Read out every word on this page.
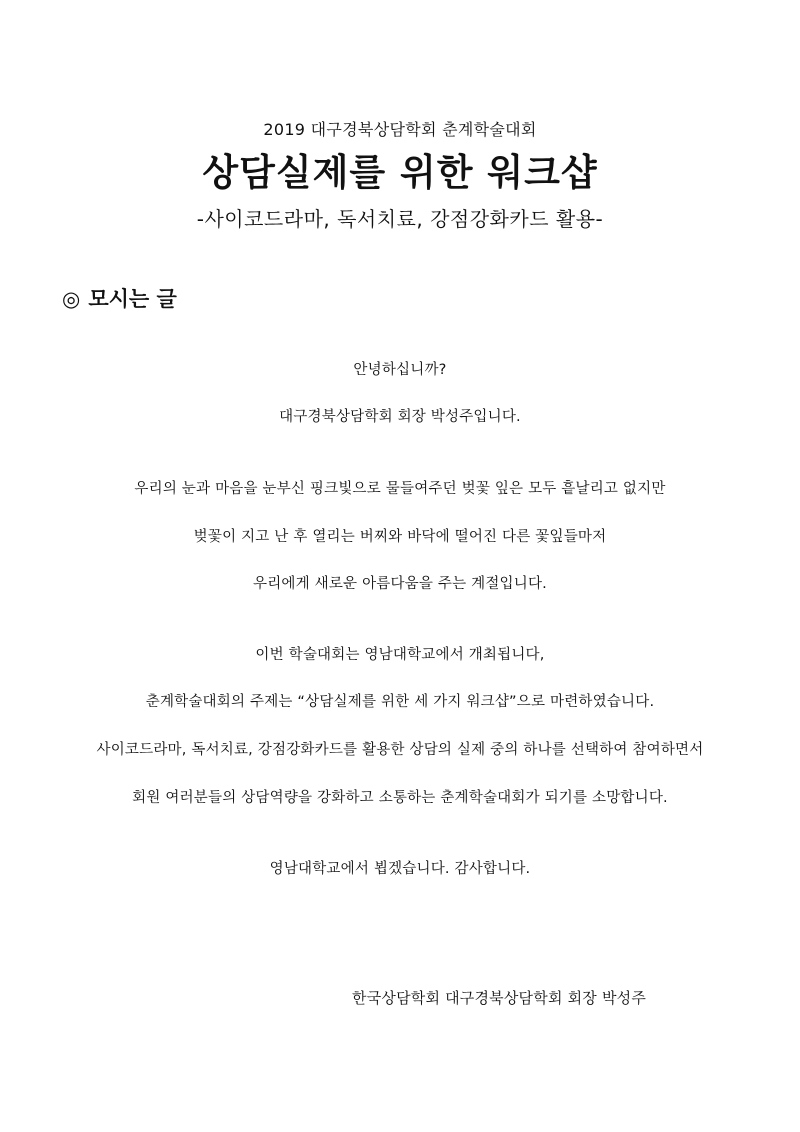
2019 대구경북상담학회 춘계학술대회
상담실제를 위한 워크샵
-사이코드라마, 독서치료, 강점강화카드 활용-
◎ 모시는 글
안녕하십니까?
대구경북상담학회 회장 박성주입니다.
우리의 눈과 마음을 눈부신 핑크빛으로 물들여주던 벚꽃 잎은 모두 흩날리고 없지만
벚꽃이 지고 난 후 열리는 버찌와 바닥에 떨어진 다른 꽃잎들마저
우리에게 새로운 아름다움을 주는 계절입니다.
이번 학술대회는 영남대학교에서 개최됩니다,
춘계학술대회의 주제는 “상담실제를 위한 세 가지 워크샵”으로 마련하였습니다.
사이코드라마, 독서치료, 강점강화카드를 활용한 상담의 실제 중의 하나를 선택하여 참여하면서
회원 여러분들의 상담역량을 강화하고 소통하는 춘계학술대회가 되기를 소망합니다.
영남대학교에서 뵙겠습니다. 감사합니다.
한국상담학회 대구경북상담학회 회장 박성주
